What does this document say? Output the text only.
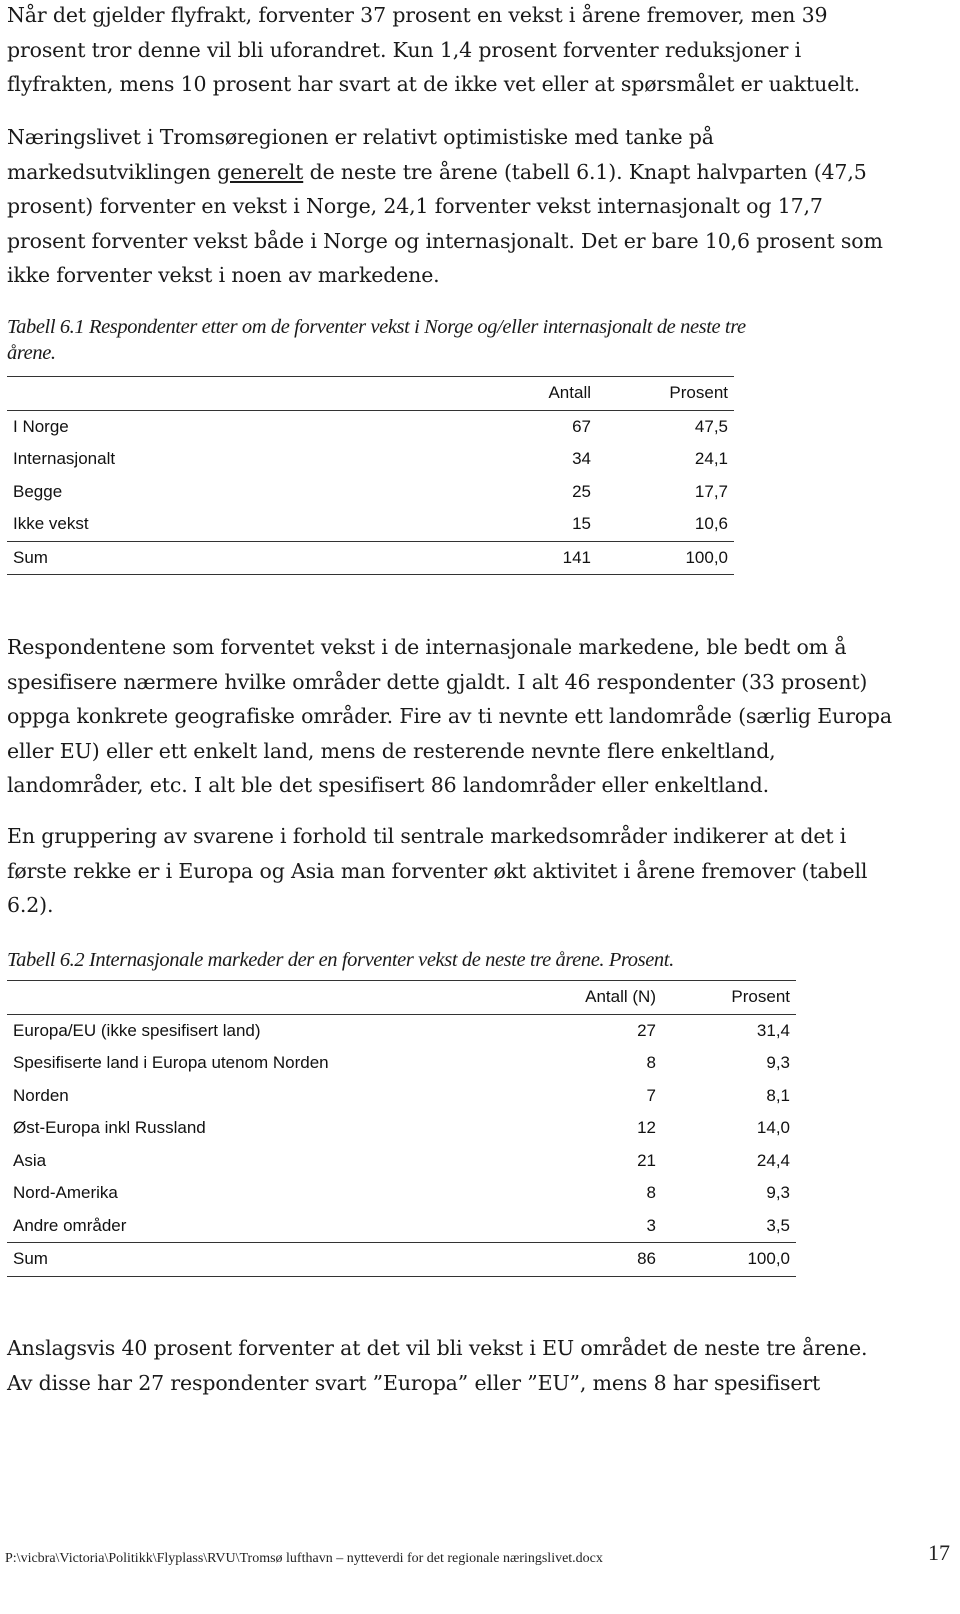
Når det gjelder flyfrakt, forventer 37 prosent en vekst i årene fremover, men 39
prosent tror denne vil bli uforandret. Kun 1,4 prosent forventer reduksjoner i
flyfrakten, mens 10 prosent har svart at de ikke vet eller at spørsmålet er uaktuelt.

Næringslivet i Tromsøregionen er relativt optimistiske med tanke på
markedsutviklingen generelt de neste tre årene (tabell 6.1). Knapt halvparten (47,5
prosent) forventer en vekst i Norge, 24,1 forventer vekst internasjonalt og 17,7
prosent forventer vekst både i Norge og internasjonalt. Det er bare 10,6 prosent som
ikke forventer vekst i noen av markedene.

Tabell 6.1 Respondenter etter om de forventer vekst i Norge og/eller internasjonalt de neste tre
årene.
	Antall	Prosent
I Norge	67	47,5
Internasjonalt	34	24,1
Begge	25	17,7
Ikke vekst	15	10,6
Sum	141	100,0

Respondentene som forventet vekst i de internasjonale markedene, ble bedt om å
spesifisere nærmere hvilke områder dette gjaldt. I alt 46 respondenter (33 prosent)
oppga konkrete geografiske områder. Fire av ti nevnte ett landområde (særlig Europa
eller EU) eller ett enkelt land, mens de resterende nevnte flere enkeltland,
landområder, etc. I alt ble det spesifisert 86 landområder eller enkeltland.

En gruppering av svarene i forhold til sentrale markedsområder indikerer at det i
første rekke er i Europa og Asia man forventer økt aktivitet i årene fremover (tabell
6.2).

Tabell 6.2 Internasjonale markeder der en forventer vekst de neste tre årene. Prosent.
	Antall (N)	Prosent
Europa/EU (ikke spesifisert land)	27	31,4
Spesifiserte land i Europa utenom Norden	8	9,3
Norden	7	8,1
Øst-Europa inkl Russland	12	14,0
Asia	21	24,4
Nord-Amerika	8	9,3
Andre områder	3	3,5
Sum	86	100,0

Anslagsvis 40 prosent forventer at det vil bli vekst i EU området de neste tre årene.
Av disse har 27 respondenter svart ”Europa” eller ”EU”, mens 8 har spesifisert

P:\vicbra\Victoria\Politikk\Flyplass\RVU\Tromsø lufthavn – nytteverdi for det regionale næringslivet.docx	17
